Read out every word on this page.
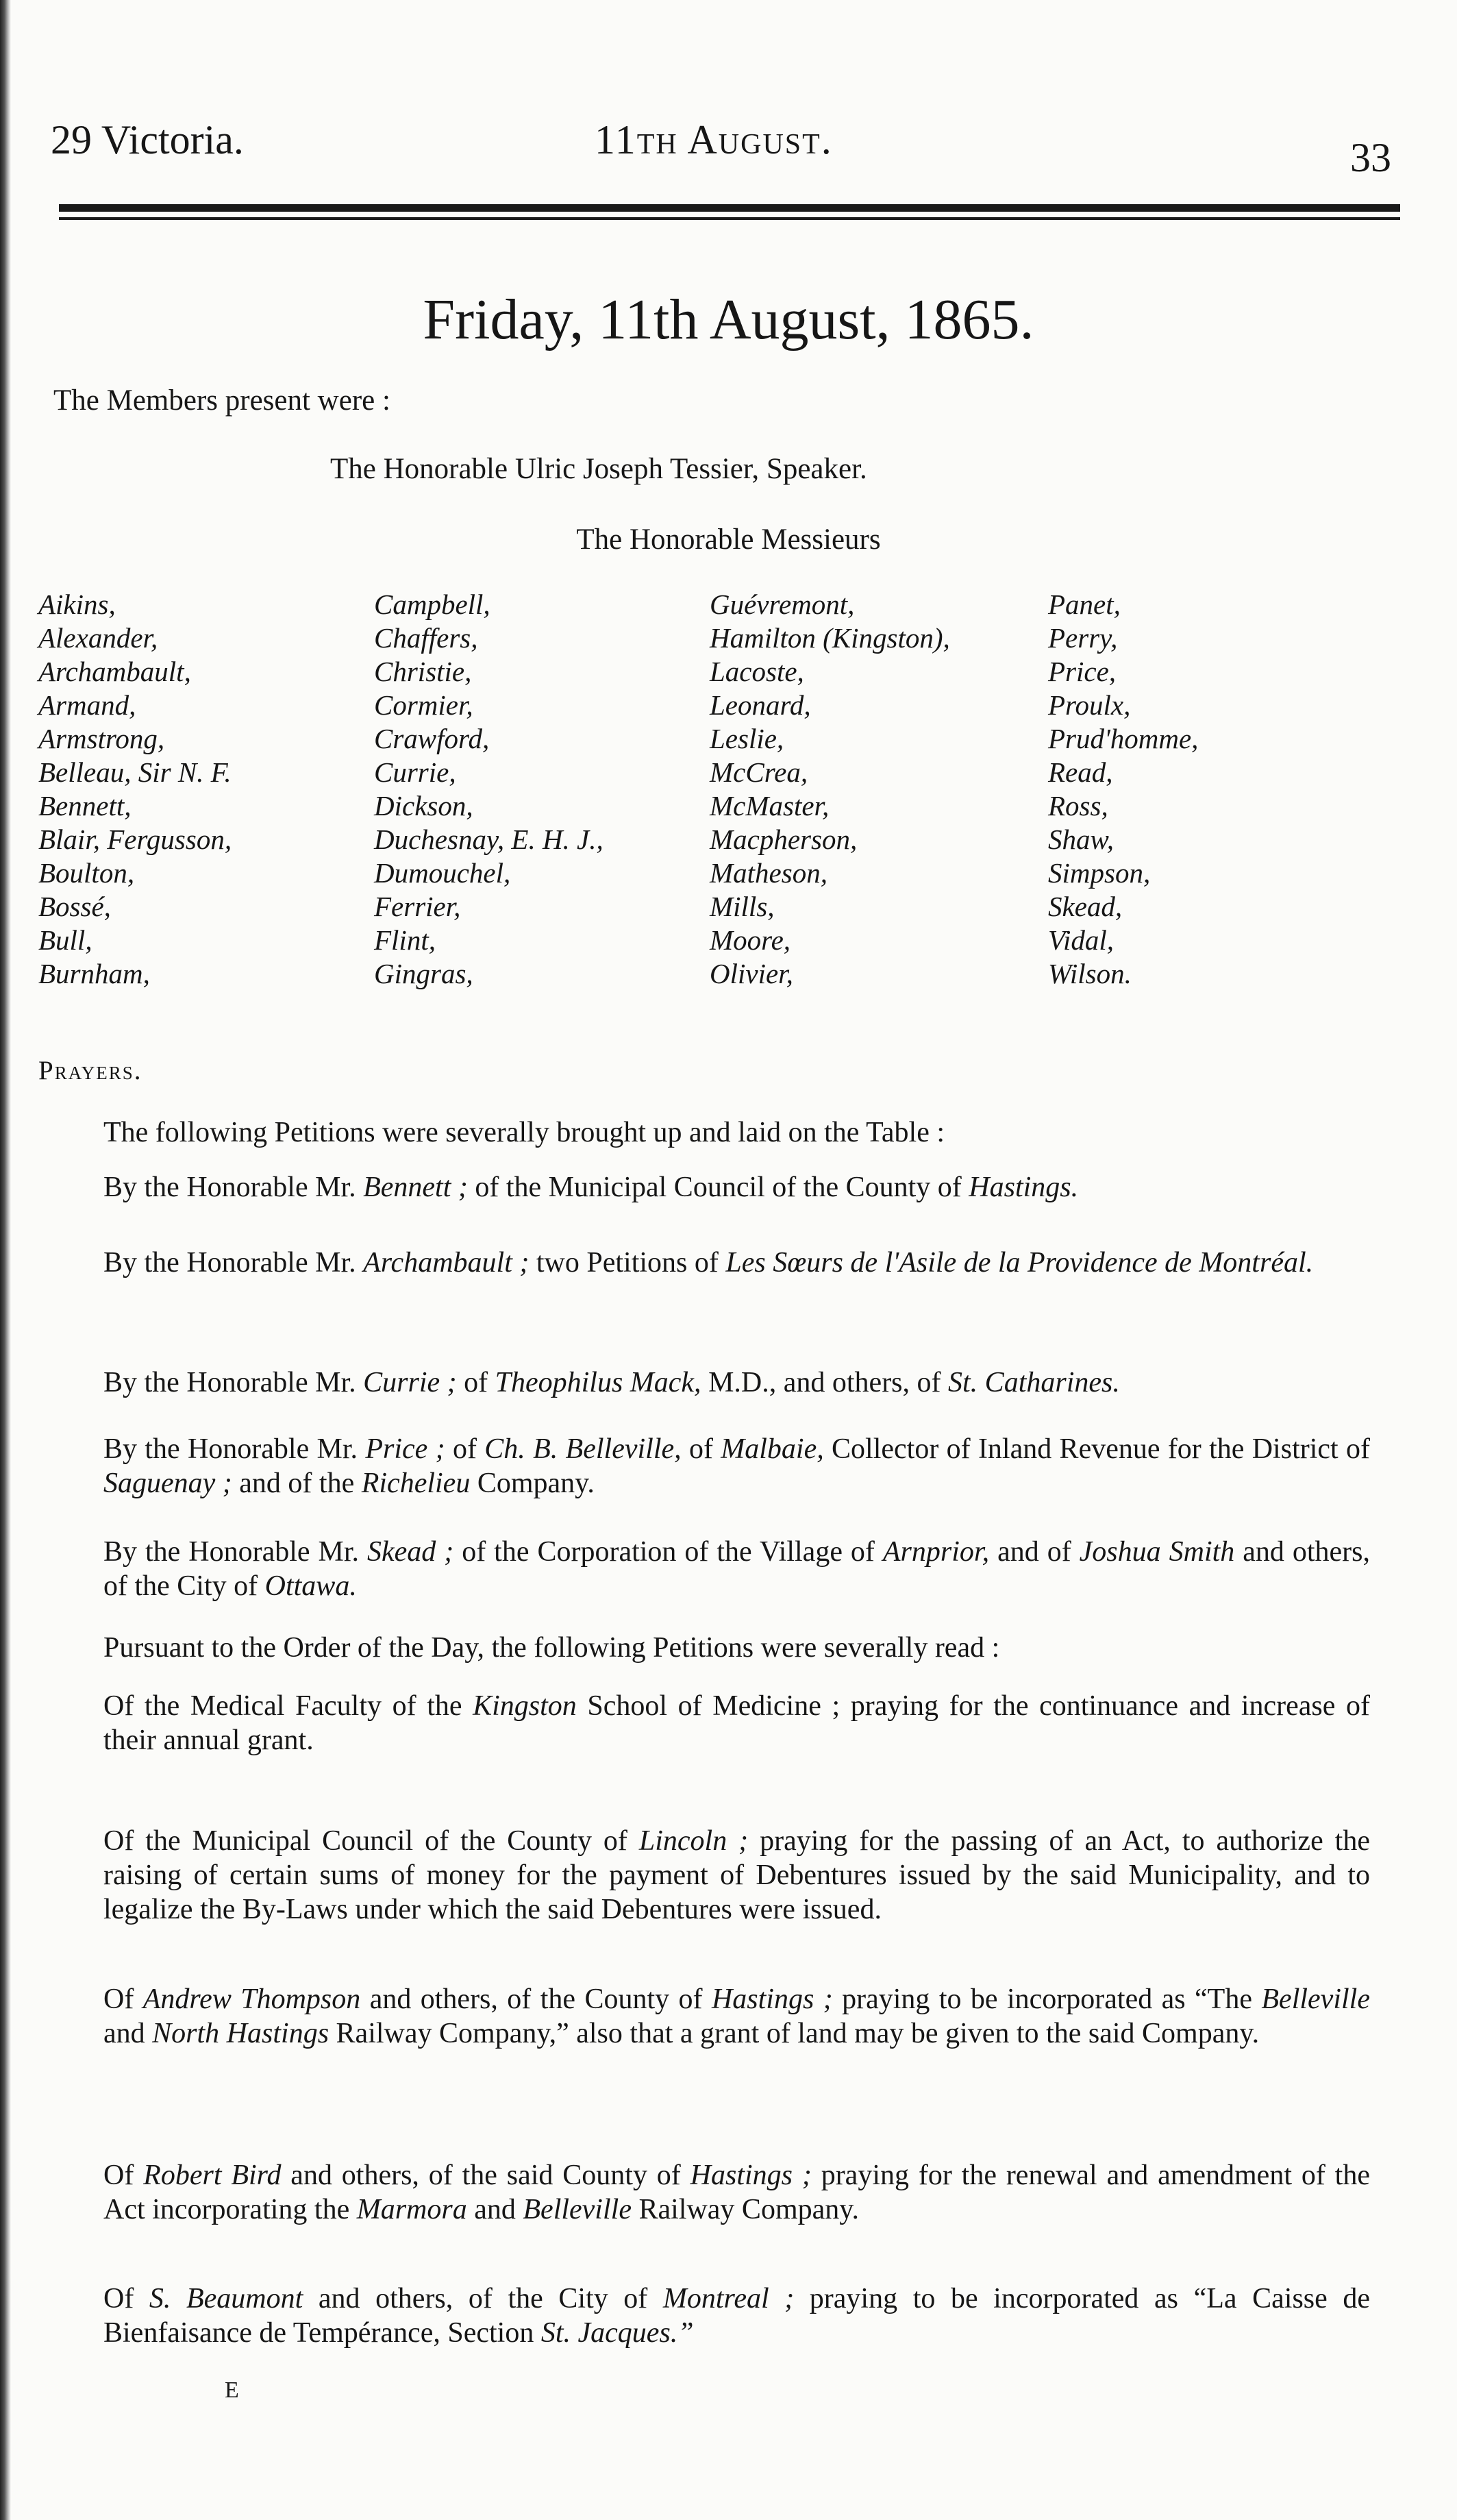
29 Victoria.	11th August.	33
Friday, 11th August, 1865.
The Members present were :
The Honorable Ulric Joseph Tessier, Speaker.
The Honorable Messieurs
Aikins,
Alexander,
Archambault,
Armand,
Armstrong,
Belleau, Sir N. F.
Bennett,
Blair, Fergusson,
Boulton,
Bossé,
Bull,
Burnham,
Campbell,
Chaffers,
Christie,
Cormier,
Crawford,
Currie,
Dickson,
Duchesnay, E. H. J.,
Dumouchel,
Ferrier,
Flint,
Gingras,
Guévremont,
Hamilton (Kingston),
Lacoste,
Leonard,
Leslie,
McCrea,
McMaster,
Macpherson,
Matheson,
Mills,
Moore,
Olivier,
Panet,
Perry,
Price,
Proulx,
Prud'homme,
Read,
Ross,
Shaw,
Simpson,
Skead,
Vidal,
Wilson.
Prayers.
The following Petitions were severally brought up and laid on the Table :
By the Honorable Mr. Bennett ; of the Municipal Council of the County of Hastings.
By the Honorable Mr. Archambault ; two Petitions of Les Sœurs de l'Asile de la Providence de Montréal.
By the Honorable Mr. Currie ; of Theophilus Mack, M.D., and others, of St. Catharines.
By the Honorable Mr. Price ; of Ch. B. Belleville, of Malbaie, Collector of Inland Revenue for the District of Saguenay ; and of the Richelieu Company.
By the Honorable Mr. Skead ; of the Corporation of the Village of Arnprior, and of Joshua Smith and others, of the City of Ottawa.
Pursuant to the Order of the Day, the following Petitions were severally read :
Of the Medical Faculty of the Kingston School of Medicine ; praying for the continuance and increase of their annual grant.
Of the Municipal Council of the County of Lincoln ; praying for the passing of an Act, to authorize the raising of certain sums of money for the payment of Debentures issued by the said Municipality, and to legalize the By-Laws under which the said Debentures were issued.
Of Andrew Thompson and others, of the County of Hastings ; praying to be incorporated as “The Belleville and North Hastings Railway Company,” also that a grant of land may be given to the said Company.
Of Robert Bird and others, of the said County of Hastings ; praying for the renewal and amendment of the Act incorporating the Marmora and Belleville Railway Company.
Of S. Beaumont and others, of the City of Montreal ; praying to be incorporated as “La Caisse de Bienfaisance de Tempérance, Section St. Jacques.”
E
